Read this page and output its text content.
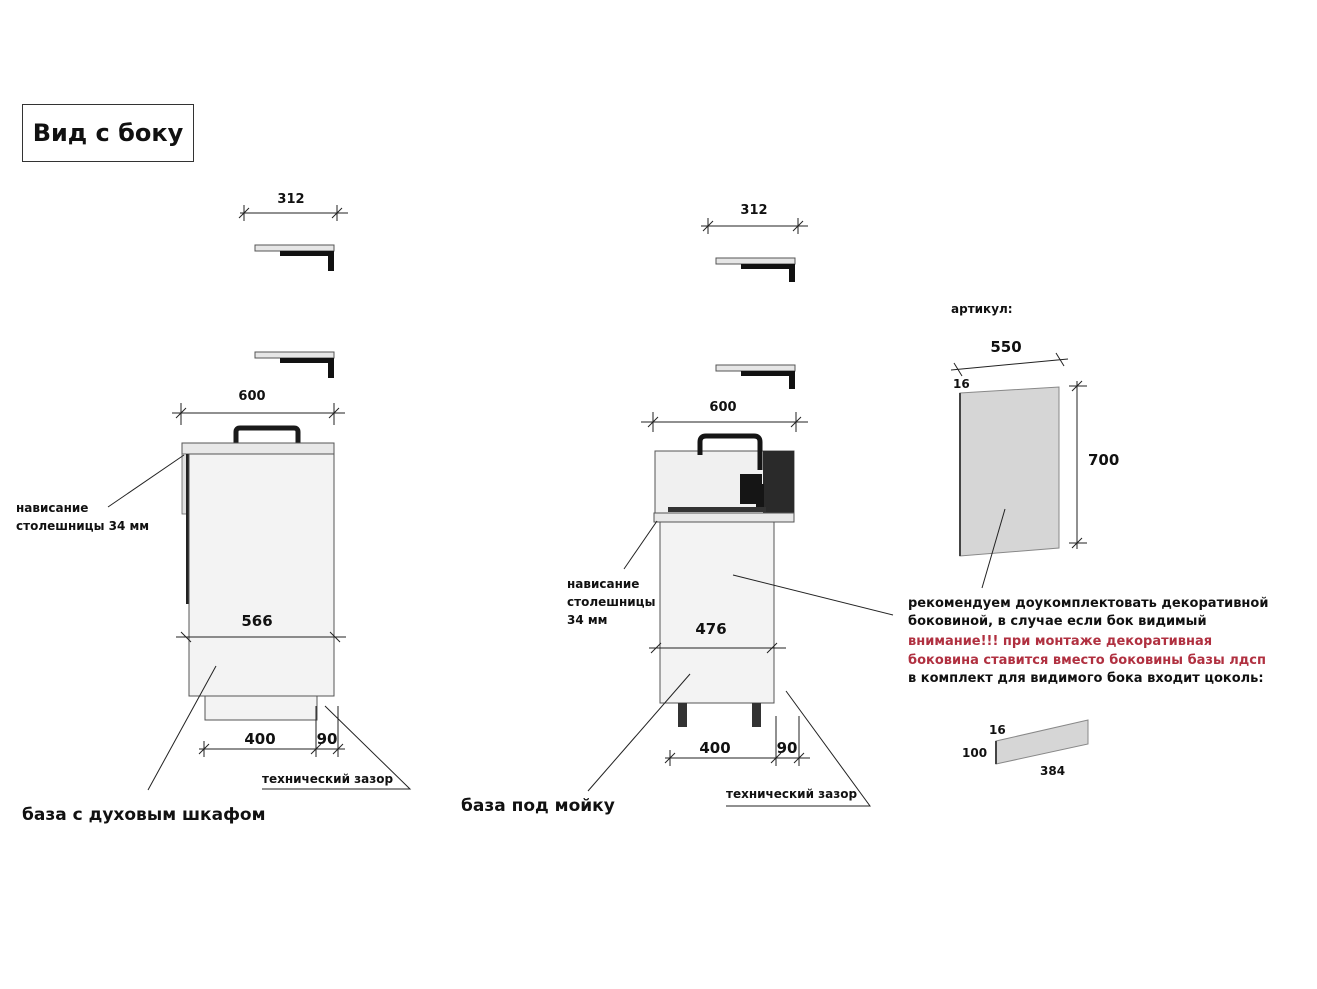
Вид с боку
312
600
566
нависание
столешницы 34 мм
400	90
технический зазор
база с духовым шкафом
312
600
476
нависание
столешницы
34 мм
400	90
технический зазор
база под мойку
артикул:
550
16
700
рекомендуем доукомплектовать декоративной
боковиной, в случае если бок видимый
внимание!!! при монтаже декоративная
боковина ставится вместо боковины базы лдсп
в комплект для видимого бока входит цоколь:
16
100
384
